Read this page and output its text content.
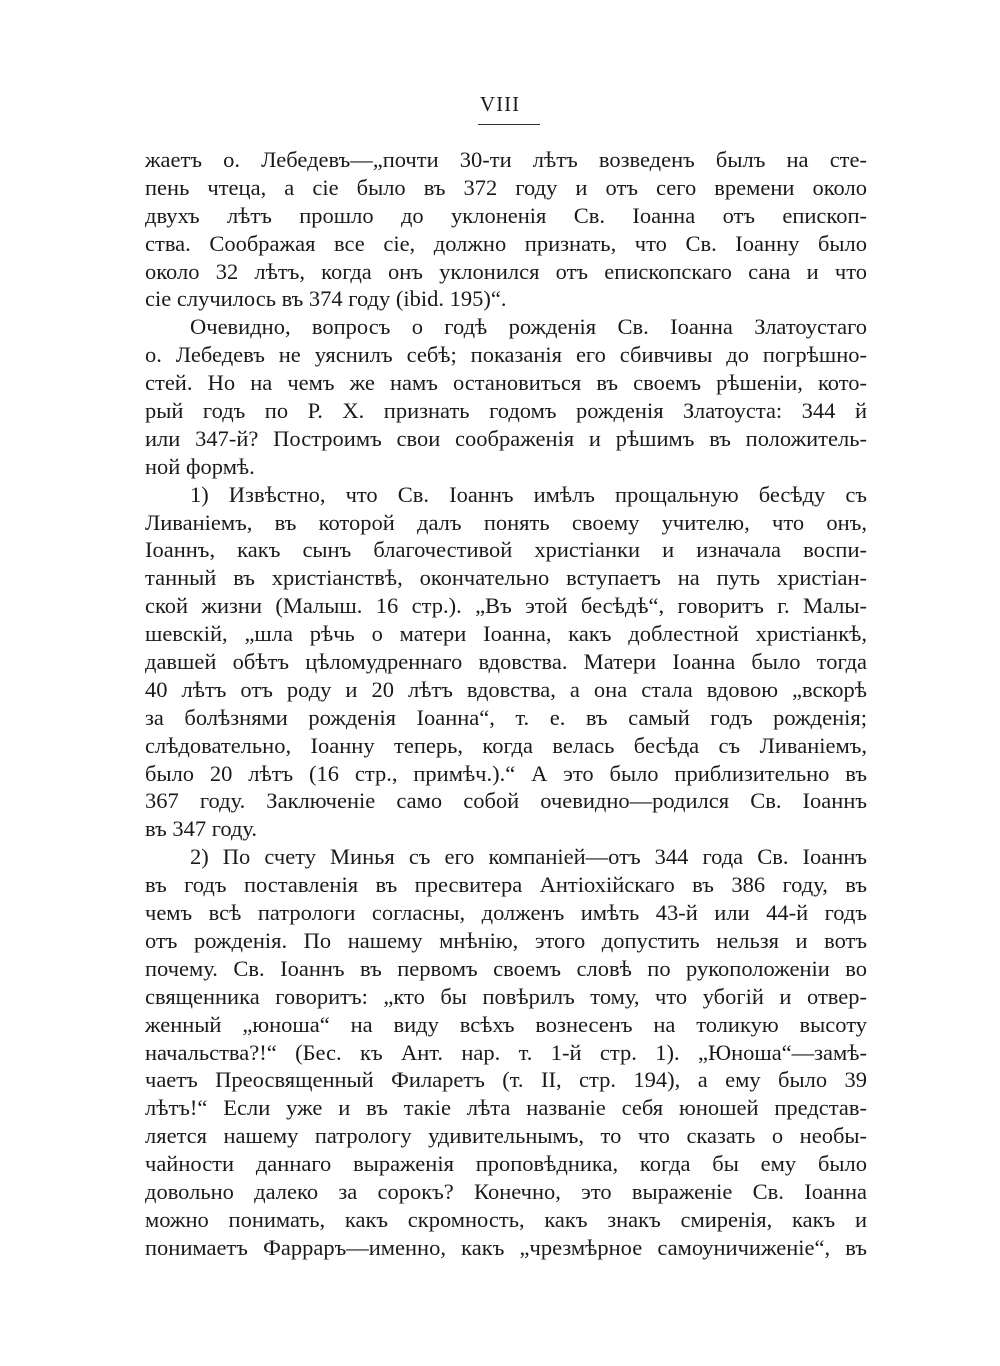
VIII
жаетъ о. Лебедевъ—„почти 30-ти лѣтъ возведенъ былъ на сте-
пень чтеца, а сіе было въ 372 году и отъ сего времени около
двухъ лѣтъ прошло до уклоненія Св. Іоанна отъ епископ-
ства. Соображая все сіе, должно признать, что Св. Іоанну было
около 32 лѣтъ, когда онъ уклонился отъ епископскаго сана и что
сіе случилось въ 374 году (ibid. 195)“.
Очевидно, вопросъ о годѣ рожденія Св. Іоанна Златоустаго
о. Лебедевъ не уяснилъ себѣ; показанія его сбивчивы до погрѣшно-
стей. Но на чемъ же намъ остановиться въ своемъ рѣшеніи, кото-
рый годъ по Р. Х. признать годомъ рожденія Златоуста: 344 й
или 347-й? Построимъ свои соображенія и рѣшимъ въ положитель-
ной формѣ.
1) Извѣстно, что Св. Іоаннъ имѣлъ прощальную бесѣду съ
Ливаніемъ, въ которой далъ понять своему учителю, что онъ,
Іоаннъ, какъ сынъ благочестивой христіанки и изначала воспи-
танный въ христіанствѣ, окончательно вступаетъ на путь христіан-
ской жизни (Малыш. 16 стр.). „Въ этой бесѣдѣ“, говоритъ г. Малы-
шевскій, „шла рѣчь о матери Іоанна, какъ доблестной христіанкѣ,
давшей обѣтъ цѣломудреннаго вдовства. Матери Іоанна было тогда
40 лѣтъ отъ роду и 20 лѣтъ вдовства, а она стала вдовою „вскорѣ
за болѣзнями рожденія Іоанна“, т. е. въ самый годъ рожденія;
слѣдовательно, Іоанну теперь, когда велась бесѣда съ Ливаніемъ,
было 20 лѣтъ (16 стр., примѣч.).“ А это было приблизительно въ
367 году. Заключеніе само собой очевидно—родился Св. Іоаннъ
въ 347 году.
2) По счету Минья съ его компаніей—отъ 344 года Св. Іоаннъ
въ годъ поставленія въ пресвитера Антіохійскаго въ 386 году, въ
чемъ всѣ патрологи согласны, долженъ имѣть 43-й или 44-й годъ
отъ рожденія. По нашему мнѣнію, этого допустить нельзя и вотъ
почему. Св. Іоаннъ въ первомъ своемъ словѣ по рукоположеніи во
священника говоритъ: „кто бы повѣрилъ тому, что убогій и отвер-
женный „юноша“ на виду всѣхъ вознесенъ на толикую высоту
начальства?!“ (Бес. къ Ант. нар. т. 1-й стр. 1). „Юноша“—замѣ-
чаетъ Преосвященный Филаретъ (т. II, стр. 194), а ему было 39
лѣтъ!“ Если уже и въ такіе лѣта названіе себя юношей представ-
ляется нашему патрологу удивительнымъ, то что сказать о необы-
чайности даннаго выраженія проповѣдника, когда бы ему было
довольно далеко за сорокъ? Конечно, это выраженіе Св. Іоанна
можно понимать, какъ скромность, какъ знакъ смиренія, какъ и
понимаетъ Фарраръ—именно, какъ „чрезмѣрное самоуничиженіе“, въ
